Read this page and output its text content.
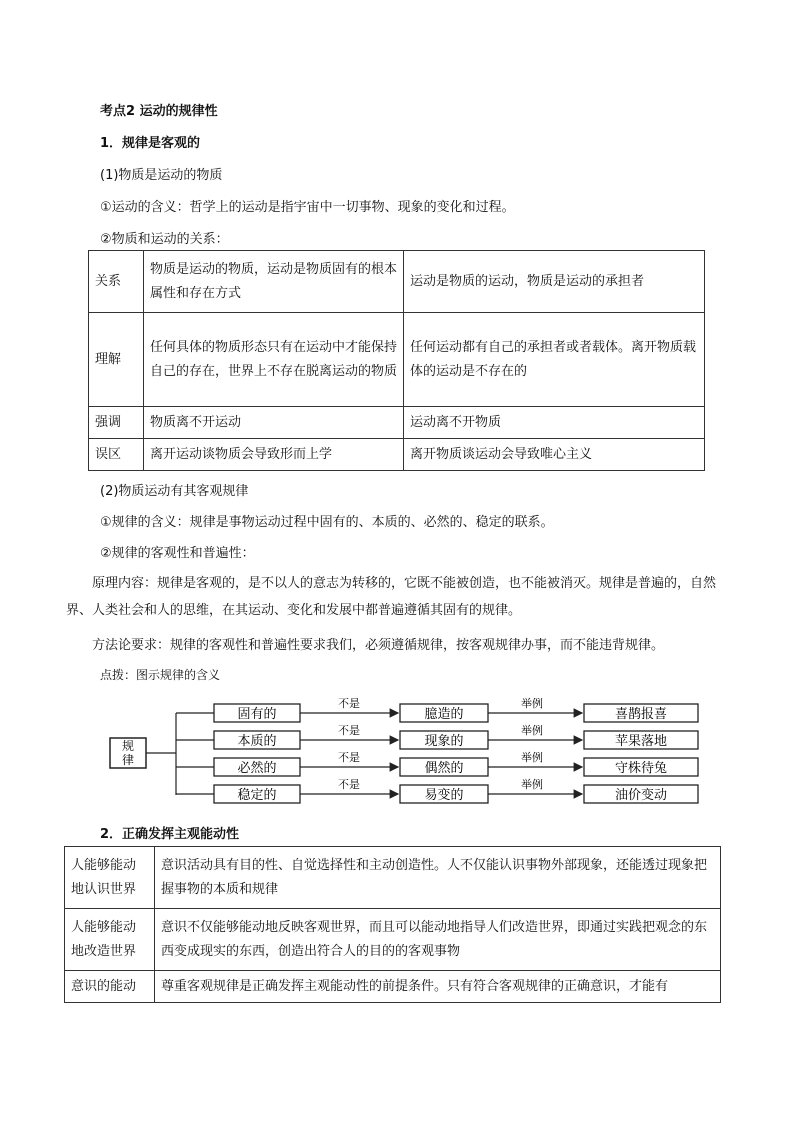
考点2 运动的规律性
1．规律是客观的
(1)物质是运动的物质
①运动的含义：哲学上的运动是指宇宙中一切事物、现象的变化和过程。
②物质和运动的关系：
关系	物质是运动的物质，运动是物质固有的根本属性和存在方式	运动是物质的运动，物质是运动的承担者
理解	任何具体的物质形态只有在运动中才能保持自己的存在，世界上不存在脱离运动的物质	任何运动都有自己的承担者或者载体。离开物质载体的运动是不存在的
强调	物质离不开运动	运动离不开物质
误区	离开运动谈物质会导致形而上学	离开物质谈运动会导致唯心主义
(2)物质运动有其客观规律
①规律的含义：规律是事物运动过程中固有的、本质的、必然的、稳定的联系。
②规律的客观性和普遍性：
原理内容：规律是客观的，是不以人的意志为转移的，它既不能被创造，也不能被消灭。规律是普遍的，自然界、人类社会和人的思维，在其运动、变化和发展中都普遍遵循其固有的规律。
方法论要求：规律的客观性和普遍性要求我们，必须遵循规律，按客观规律办事，而不能违背规律。
点拨：图示规律的含义
规
律
固有的
不是
臆造的
举例
喜鹊报喜
本质的
不是
现象的
举例
苹果落地
必然的
不是
偶然的
举例
守株待兔
稳定的
不是
易变的
举例
油价变动
2．正确发挥主观能动性
人能够能动地认识世界	意识活动具有目的性、自觉选择性和主动创造性。人不仅能认识事物外部现象，还能透过现象把握事物的本质和规律
人能够能动地改造世界	意识不仅能够能动地反映客观世界，而且可以能动地指导人们改造世界，即通过实践把观念的东西变成现实的东西，创造出符合人的目的的客观事物
意识的能动	尊重客观规律是正确发挥主观能动性的前提条件。只有符合客观规律的正确意识，才能有
